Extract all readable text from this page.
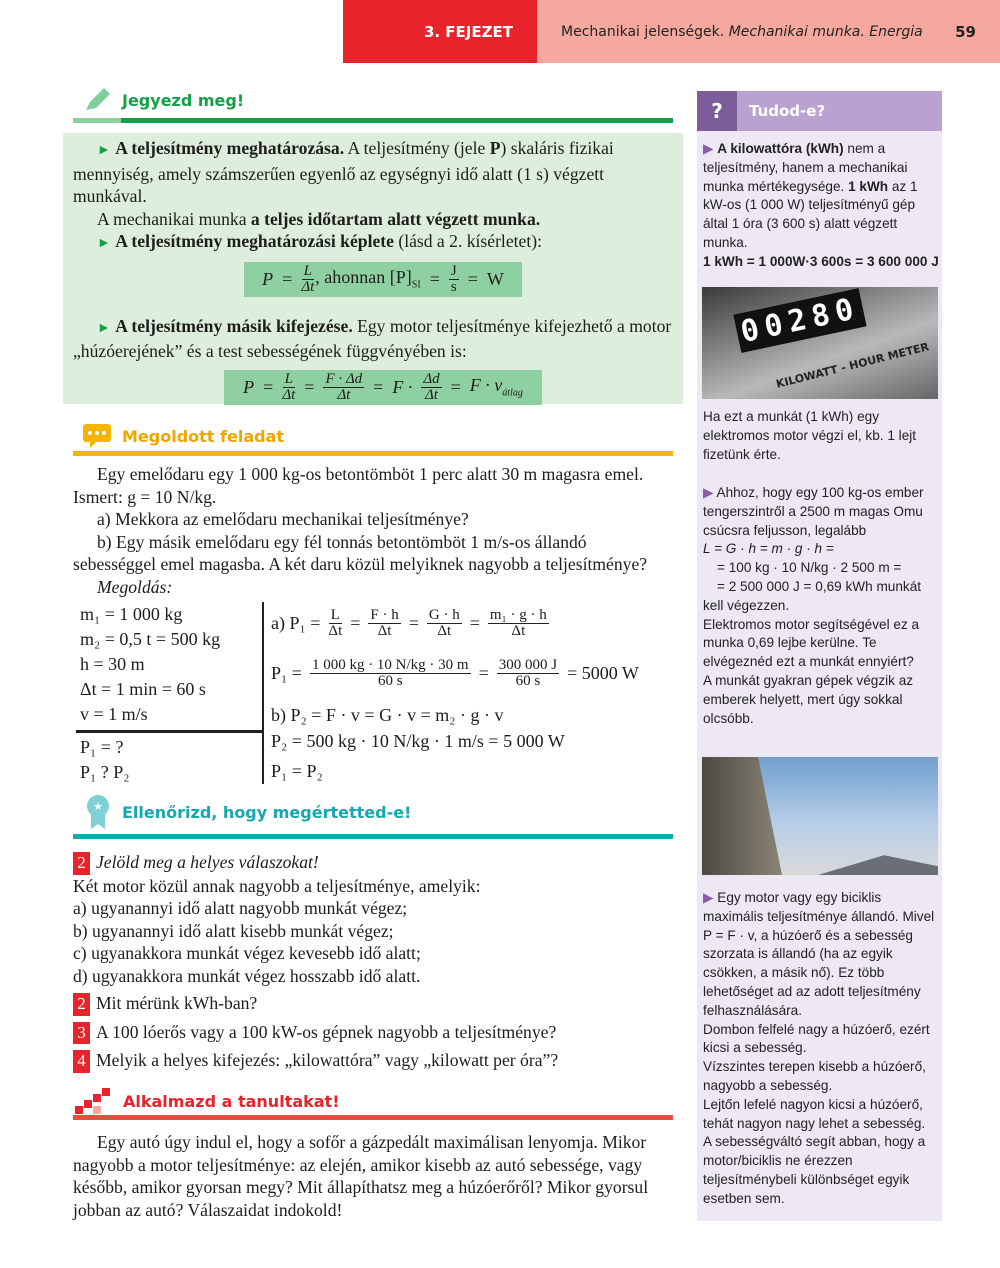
3. FEJEZET	Mechanikai jelenségek. Mechanikai munka. Energia 59
Jegyezd meg!

► A teljesítmény meghatározása. A teljesítmény (jele P) skaláris fizikai mennyiség, amely számszerűen egyenlő az egységnyi idő alatt (1 s) végzett munkával.

A mechanikai munka a teljes időtartam alatt végzett munka.

► A teljesítmény meghatározási képlete (lásd a 2. kísérletet):

$P = \frac{L}{\Delta t}$ , ahonnan $[P]_{SI} = \frac{J}{s} = W$

► A teljesítmény másik kifejezése. Egy motor teljesítménye kifejezhető a motor „húzóerejének” és a test sebességének függvényében is:

$P = \frac{L}{\Delta t} = \frac{F \cdot \Delta d}{\Delta t} = F \cdot \frac{\Delta d}{\Delta t} = F \cdot v_{átlag}$
Megoldott feladat

Egy emelődaru egy 1 000 kg-os betontömböt 1 perc alatt 30 m magasra emel. Ismert: g = 10 N/kg.

a) Mekkora az emelődaru mechanikai teljesítménye?

b) Egy másik emelődaru egy fél tonnás betontömböt 1 m/s-os állandó sebességgel emel magasba. A két daru közül melyiknek nagyobb a teljesítménye?

Megoldás:

m₁ = 1 000 kg
m₂ = 0,5 t = 500 kg
h = 30 m
Δt = 1 min = 60 s
v = 1 m/s
P₁ = ?
P₁ ? P₂
a) $P_1 = \frac{L}{\Delta t} = \frac{F \cdot h}{\Delta t} = \frac{G \cdot h}{\Delta t} = \frac{\text{m₁ · g · h}}{\Delta t}$
$P_1 = \frac{1 000 kg \cdot 10 N/kg \cdot 30 m}{60 s} = \frac{300 000 J}{60 s} = 5000$ W
b) P₂ = F · v = G · v = m₂ · g · v
P₂ = 500 kg · 10 N/kg · 1 m/s = 5 000 W
P₁ = P₂
★ Ellenőrizd, hogy megértetted-e!
2 Jelöld meg a helyes válaszokat!
Két motor közül annak nagyobb a teljesítménye, amelyik:
a) ugyanannyi idő alatt nagyobb munkát végez;
b) ugyanannyi idő alatt kisebb munkát végez;
c) ugyanakkora munkát végez kevesebb idő alatt;
d) ugyanakkora munkát végez hosszabb idő alatt.
2 Mit mérünk kWh-ban?
3 A 100 lóerős vagy a 100 kW-os gépnek nagyobb a teljesítménye?
4 Melyik a helyes kifejezés: „kilowattóra” vagy „kilowatt per óra”?
Alkalmazd a tanultakat!

Egy autó úgy indul el, hogy a sofőr a gázpedált maximálisan lenyomja. Mikor nagyobb a motor teljesítménye: az elején, amikor kisebb az autó sebessége, vagy később, amikor gyorsan megy? Mit állapíthatsz meg a húzóerőről? Mikor gyorsul jobban az autó? Válaszaidat indokold!

?	Tudod-e?
▶ A kilowattóra (kWh) nem a teljesítmény, hanem a mechanikai munka mértékegysége. 1 kWh az 1 kW-os (1 000 W) teljesítményű gép által 1 óra (3 600 s) alatt végzett munka.
1 kWh = 1 000W·3 600s = 3 600 000 J
00280
KILOWATT - HOUR METER

Ha ezt a munkát (1 kWh) egy elektromos motor végzi el, kb. 1 lejt fizetünk érte.

▶ Ahhoz, hogy egy 100 kg-os ember tengerszintről a 2500 m magas Omu csúcsra feljusson, legalább
L = G · h = m · g · h =
= 100 kg · 10 N/kg · 2 500 m =
= 2 500 000 J = 0,69 kWh munkát
kell végezzen.
Elektromos motor segítségével ez a munka 0,69 lejbe kerülne. Te elvégeznéd ezt a munkát ennyiért?
A munkát gyakran gépek végzik az emberek helyett, mert úgy sokkal olcsóbb.
▶ Egy motor vagy egy biciklis maximális teljesítménye állandó. Mivel P = F · v, a húzóerő és a sebesség szorzata is állandó (ha az egyik csökken, a másik nő). Ez több lehetőséget ad az adott teljesítmény felhasználására.
Dombon felfelé nagy a húzóerő, ezért kicsi a sebesség.
Vízszintes terepen kisebb a húzóerő, nagyobb a sebesség.
Lejtőn lefelé nagyon kicsi a húzóerő, tehát nagyon nagy lehet a sebesség.
A sebességváltó segít abban, hogy a motor/biciklis ne érezzen teljesítménybeli különbséget egyik esetben sem.
